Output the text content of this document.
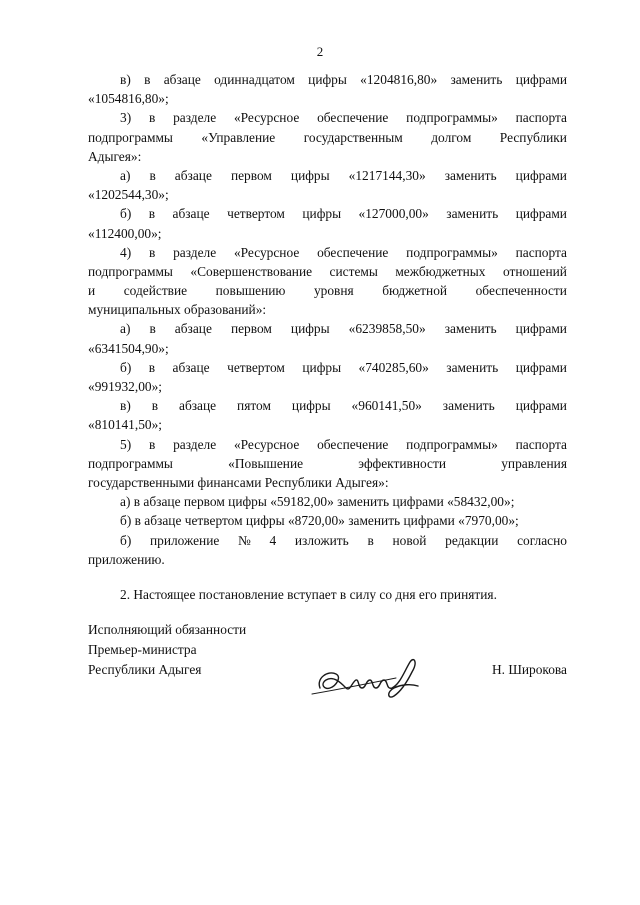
2
в) в абзаце одиннадцатом цифры «1204816,80» заменить цифрами
«1054816,80»;
3) в разделе «Ресурсное обеспечение подпрограммы» паспорта
подпрограммы «Управление государственным долгом Республики
Адыгея»:
а) в абзаце первом цифры «1217144,30» заменить цифрами
«1202544,30»;
б) в абзаце четвертом цифры «127000,00» заменить цифрами
«112400,00»;
4) в разделе «Ресурсное обеспечение подпрограммы» паспорта
подпрограммы «Совершенствование системы межбюджетных отношений
и содействие повышению уровня бюджетной обеспеченности
муниципальных образований»:
а) в абзаце первом цифры «6239858,50» заменить цифрами
«6341504,90»;
б) в абзаце четвертом цифры «740285,60» заменить цифрами
«991932,00»;
в) в абзаце пятом цифры «960141,50» заменить цифрами
«810141,50»;
5) в разделе «Ресурсное обеспечение подпрограммы» паспорта
подпрограммы	«Повышение	эффективности	управления
государственными финансами Республики Адыгея»:
а) в абзаце первом цифры «59182,00» заменить цифрами «58432,00»;
б) в абзаце четвертом цифры «8720,00» заменить цифрами «7970,00»;
б) приложение № 4 изложить в новой редакции согласно
приложению.
2. Настоящее постановление вступает в силу со дня его принятия.
Исполняющий обязанности
Премьер-министра
Республики Адыгея	Н. Широкова
